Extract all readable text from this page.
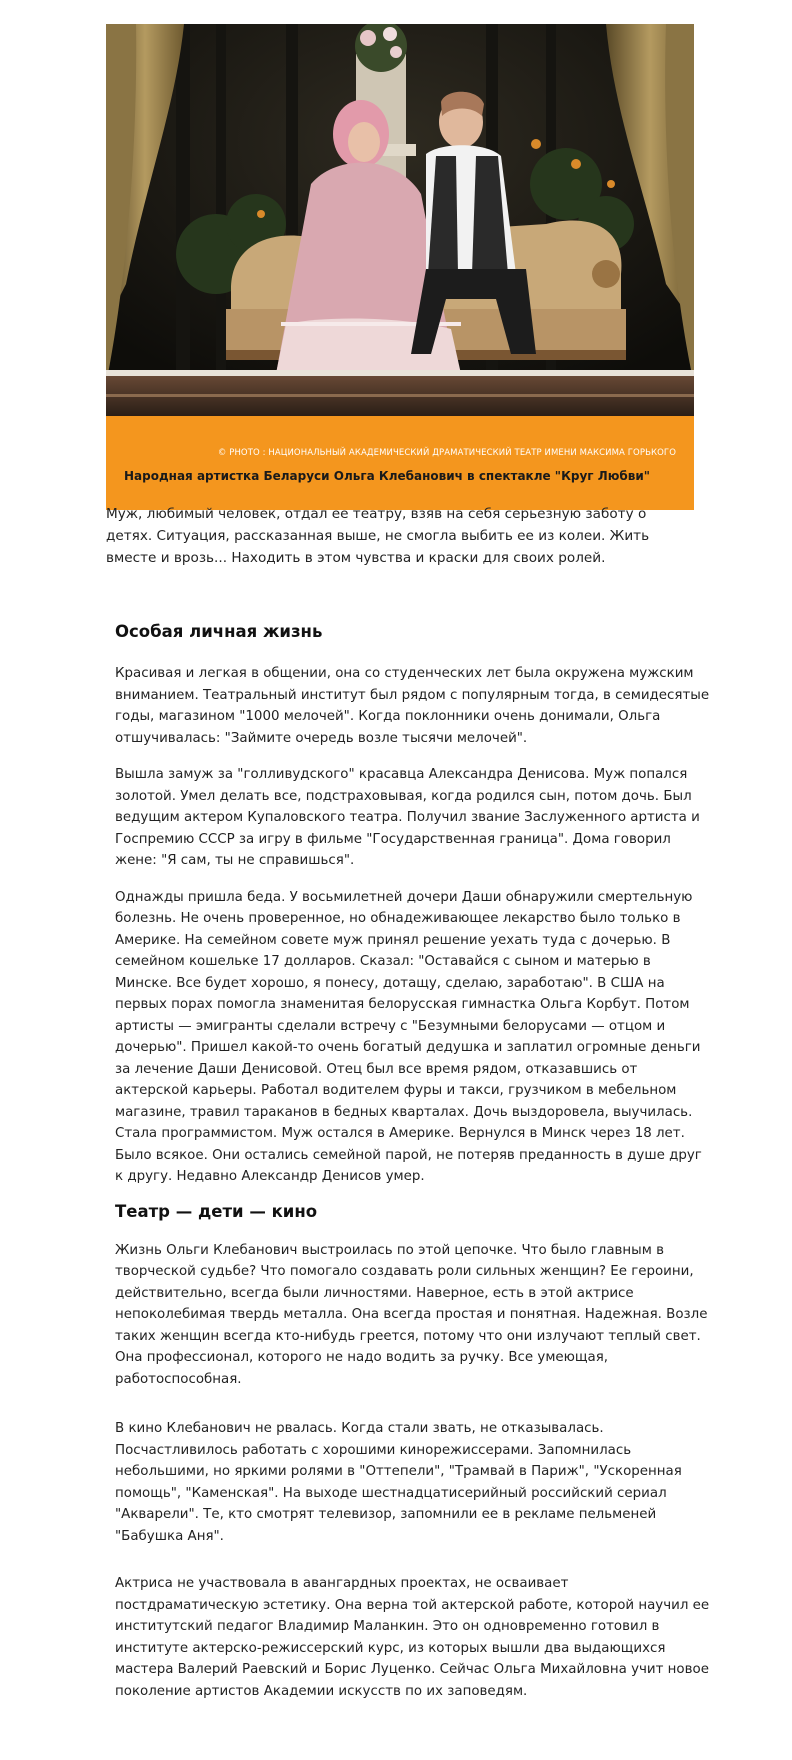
© PHOTO : НАЦИОНАЛЬНЫЙ АКАДЕМИЧЕСКИЙ ДРАМАТИЧЕСКИЙ ТЕАТР ИМЕНИ МАКСИМА ГОРЬКОГО
Народная артистка Беларуси Ольга Клебанович в спектакле "Круг Любви"

Муж, любимый человек, отдал ее театру, взяв на себя серьезную заботу о детях. Ситуация, рассказанная выше, не смогла выбить ее из колеи. Жить вместе и врозь... Находить в этом чувства и краски для своих ролей.

Особая личная жизнь

Красивая и легкая в общении, она со студенческих лет была окружена мужским вниманием. Театральный институт был рядом с популярным тогда, в семидесятые годы, магазином "1000 мелочей". Когда поклонники очень донимали, Ольга отшучивалась: "Займите очередь возле тысячи мелочей".

Вышла замуж за "голливудского" красавца Александра Денисова. Муж попался золотой. Умел делать все, подстраховывая, когда родился сын, потом дочь. Был ведущим актером Купаловского театра. Получил звание Заслуженного артиста и Госпремию СССР за игру в фильме "Государственная граница". Дома говорил жене: "Я сам, ты не справишься".

Однажды пришла беда. У восьмилетней дочери Даши обнаружили смертельную болезнь. Не очень проверенное, но обнадеживающее лекарство было только в Америке. На семейном совете муж принял решение уехать туда с дочерью. В семейном кошельке 17 долларов. Сказал: "Оставайся с сыном и матерью в Минске. Все будет хорошо, я понесу, дотащу, сделаю, заработаю". В США на первых порах помогла знаменитая белорусская гимнастка Ольга Корбут. Потом артисты — эмигранты сделали встречу с "Безумными белорусами — отцом и дочерью". Пришел какой-то очень богатый дедушка и заплатил огромные деньги за лечение Даши Денисовой. Отец был все время рядом, отказавшись от актерской карьеры. Работал водителем фуры и такси, грузчиком в мебельном магазине, травил тараканов в бедных кварталах. Дочь выздоровела, выучилась. Стала программистом. Муж остался в Америке. Вернулся в Минск через 18 лет. Было всякое. Они остались семейной парой, не потеряв преданность в душе друг к другу. Недавно Александр Денисов умер.

Театр — дети — кино

Жизнь Ольги Клебанович выстроилась по этой цепочке. Что было главным в творческой судьбе? Что помогало создавать роли сильных женщин? Ее героини, действительно, всегда были личностями. Наверное, есть в этой актрисе непоколебимая твердь металла. Она всегда простая и понятная. Надежная. Возле таких женщин всегда кто-нибудь греется, потому что они излучают теплый свет. Она профессионал, которого не надо водить за ручку. Все умеющая, работоспособная.

В кино Клебанович не рвалась. Когда стали звать, не отказывалась. Посчастливилось работать с хорошими кинорежиссерами. Запомнилась небольшими, но яркими ролями в "Оттепели", "Трамвай в Париж", "Ускоренная помощь", "Каменская". На выходе шестнадцатисерийный российский сериал "Акварели". Те, кто смотрят телевизор, запомнили ее в рекламе пельменей "Бабушка Аня".

Актриса не участвовала в авангардных проектах, не осваивает постдраматическую эстетику. Она верна той актерской работе, которой научил ее институтский педагог Владимир Маланкин. Это он одновременно готовил в институте актерско-режиссерский курс, из которых вышли два выдающихся мастера Валерий Раевский и Борис Луценко. Сейчас Ольга Михайловна учит новое поколение артистов Академии искусств по их заповедям.
